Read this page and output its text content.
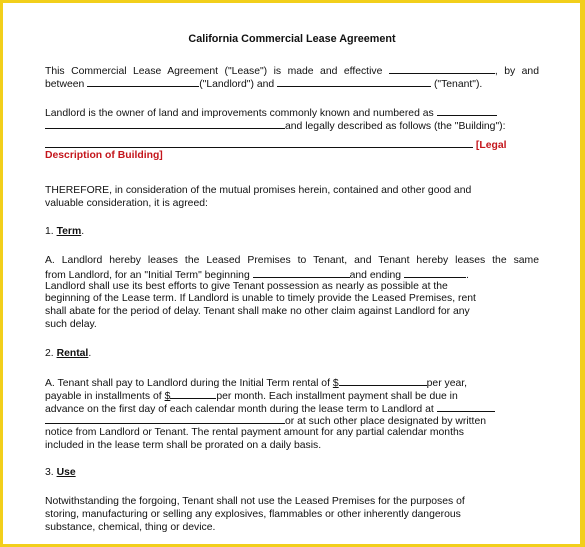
California Commercial Lease Agreement
This Commercial Lease Agreement ("Lease") is made and effective	, by and
between	("Landlord") and	("Tenant").
Landlord is the owner of land and improvements commonly known and numbered as
and legally described as follows (the "Building"):
[Legal
Description of Building]
THEREFORE, in consideration of the mutual promises herein, contained and other good and
valuable consideration, it is agreed:
1. Term.
A. Landlord hereby leases the Leased Premises to Tenant, and Tenant hereby leases the same
from Landlord, for an "Initial Term" beginning	and ending	.
Landlord shall use its best efforts to give Tenant possession as nearly as possible at the
beginning of the Lease term. If Landlord is unable to timely provide the Leased Premises, rent
shall abate for the period of delay. Tenant shall make no other claim against Landlord for any
such delay.
2. Rental.
A. Tenant shall pay to Landlord during the Initial Term rental of $	per year,
payable in installments of $	per month. Each installment payment shall be due in
advance on the first day of each calendar month during the lease term to Landlord at
or at such other place designated by written
notice from Landlord or Tenant. The rental payment amount for any partial calendar months
included in the lease term shall be prorated on a daily basis.
3. Use
Notwithstanding the forgoing, Tenant shall not use the Leased Premises for the purposes of
storing, manufacturing or selling any explosives, flammables or other inherently dangerous
substance, chemical, thing or device.
